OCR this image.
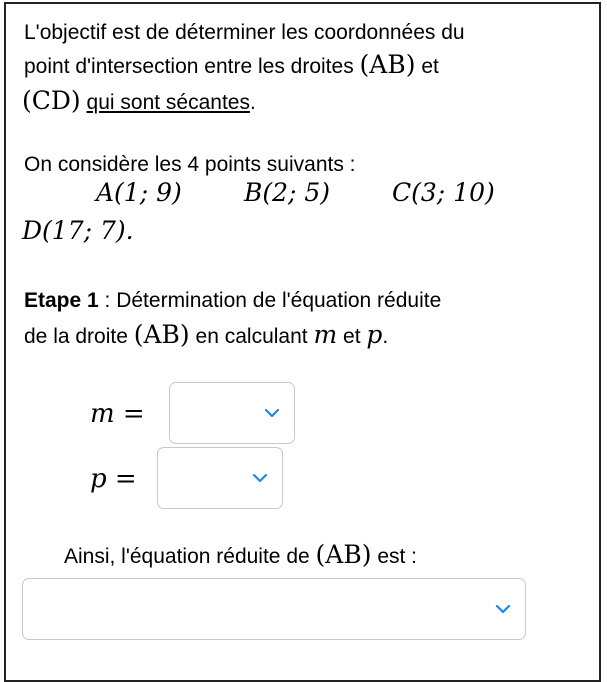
L'objectif est de déterminer les coordonnées du
point d'intersection entre les droites (AB) et
(CD) qui sont sécantes.
On considère les 4 points suivants :
A(1; 9) B(2; 5) C(3; 10)
D(17; 7).
Etape 1 : Détermination de l'équation réduite
de la droite (AB) en calculant m et p.
m =
p =
Ainsi, l'équation réduite de (AB) est :
